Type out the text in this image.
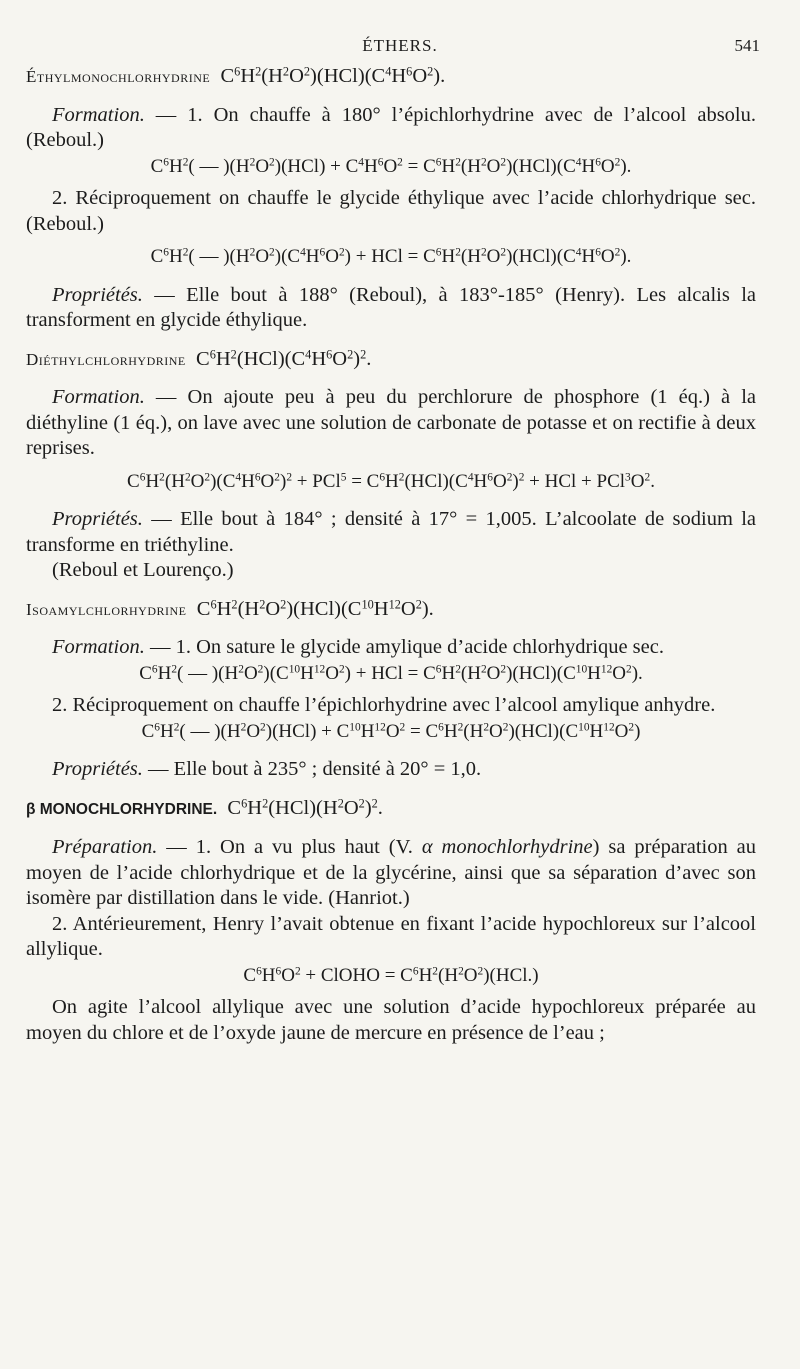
ÉTHERS.	541

Éthylmonochlorhydrine $C^6H^2(H^2O^2)(HCl)(C^4H^6O^2)$.

Formation. — 1. On chauffe à 180° l’épichlorhydrine avec de l’alcool absolu. (Reboul.)

$C^6H^2$( — )$(H^2O^2)(HCl) + C^4H^6O^2 = C^6H^2(H^2O^2)(HCl)(C^4H^6O^2)$.

2. Réciproquement on chauffe le glycide éthylique avec l’acide chlorhydrique sec. (Reboul.)

$C^6H^2$( — )$(H^2O^2)(C^4H^6O^2)$ + HCl = $C^6H^2(H^2O^2)(HCl)(C^4H^6O^2)$.

Propriétés. — Elle bout à 188° (Reboul), à 183°-185° (Henry). Les alcalis la transforment en glycide éthylique.

Diéthylchlorhydrine $C^6H^2(HCl)(C^4H^6O^2)^2$.

Formation. — On ajoute peu à peu du perchlorure de phosphore (1 éq.) à la diéthyline (1 éq.), on lave avec une solution de carbonate de potasse et on rectifie à deux reprises.

$C^6H^2(H^2O^2)(C^4H^6O^2)^2 + PCl^5 = C^6H^2(HCl)(C^4H^6O^2)^2$ + HCl + $PCl^3O^2$.

Propriétés. — Elle bout à 184° ; densité à 17° = 1,005. L’alcoolate de sodium la transforme en triéthyline.

(Reboul et Lourenço.)

Isoamylchlorhydrine $C^6H^2(H^2O^2)(HCl)(C^{10}H^{12}O^2)$.

Formation. — 1. On sature le glycide amylique d’acide chlorhydrique sec.

$C^6H^2$( — )$(H^2O^2)(C^{10}H^{12}O^2)$ + HCl = $C^6H^2(H^2O^2)(HCl)(C^{10}H^{12}O^2)$.

2. Réciproquement on chauffe l’épichlorhydrine avec l’alcool amylique anhydre.

$C^6H^2$( — )$(H^2O^2)(HCl) + C^{10}H^{12}O^2 = C^6H^2(H^2O^2)(HCl)(C^{10}H^{12}O^2)$

Propriétés. — Elle bout à 235° ; densité à 20° = 1,0.

β MONOCHLORHYDRINE. $C^6H^2(HCl)(H^2O^2)^2$.

Préparation. — 1. On a vu plus haut (V. α monochlorhydrine) sa préparation au moyen de l’acide chlorhydrique et de la glycérine, ainsi que sa séparation d’avec son isomère par distillation dans le vide. (Hanriot.)

2. Antérieurement, Henry l’avait obtenue en fixant l’acide hypochloreux sur l’alcool allylique.

$C^6H^6O^2$ + ClOHO = $C^6H^2(H^2O^2)(HCl.)$

On agite l’alcool allylique avec une solution d’acide hypochloreux préparée au moyen du chlore et de l’oxyde jaune de mercure en présence de l’eau ;
